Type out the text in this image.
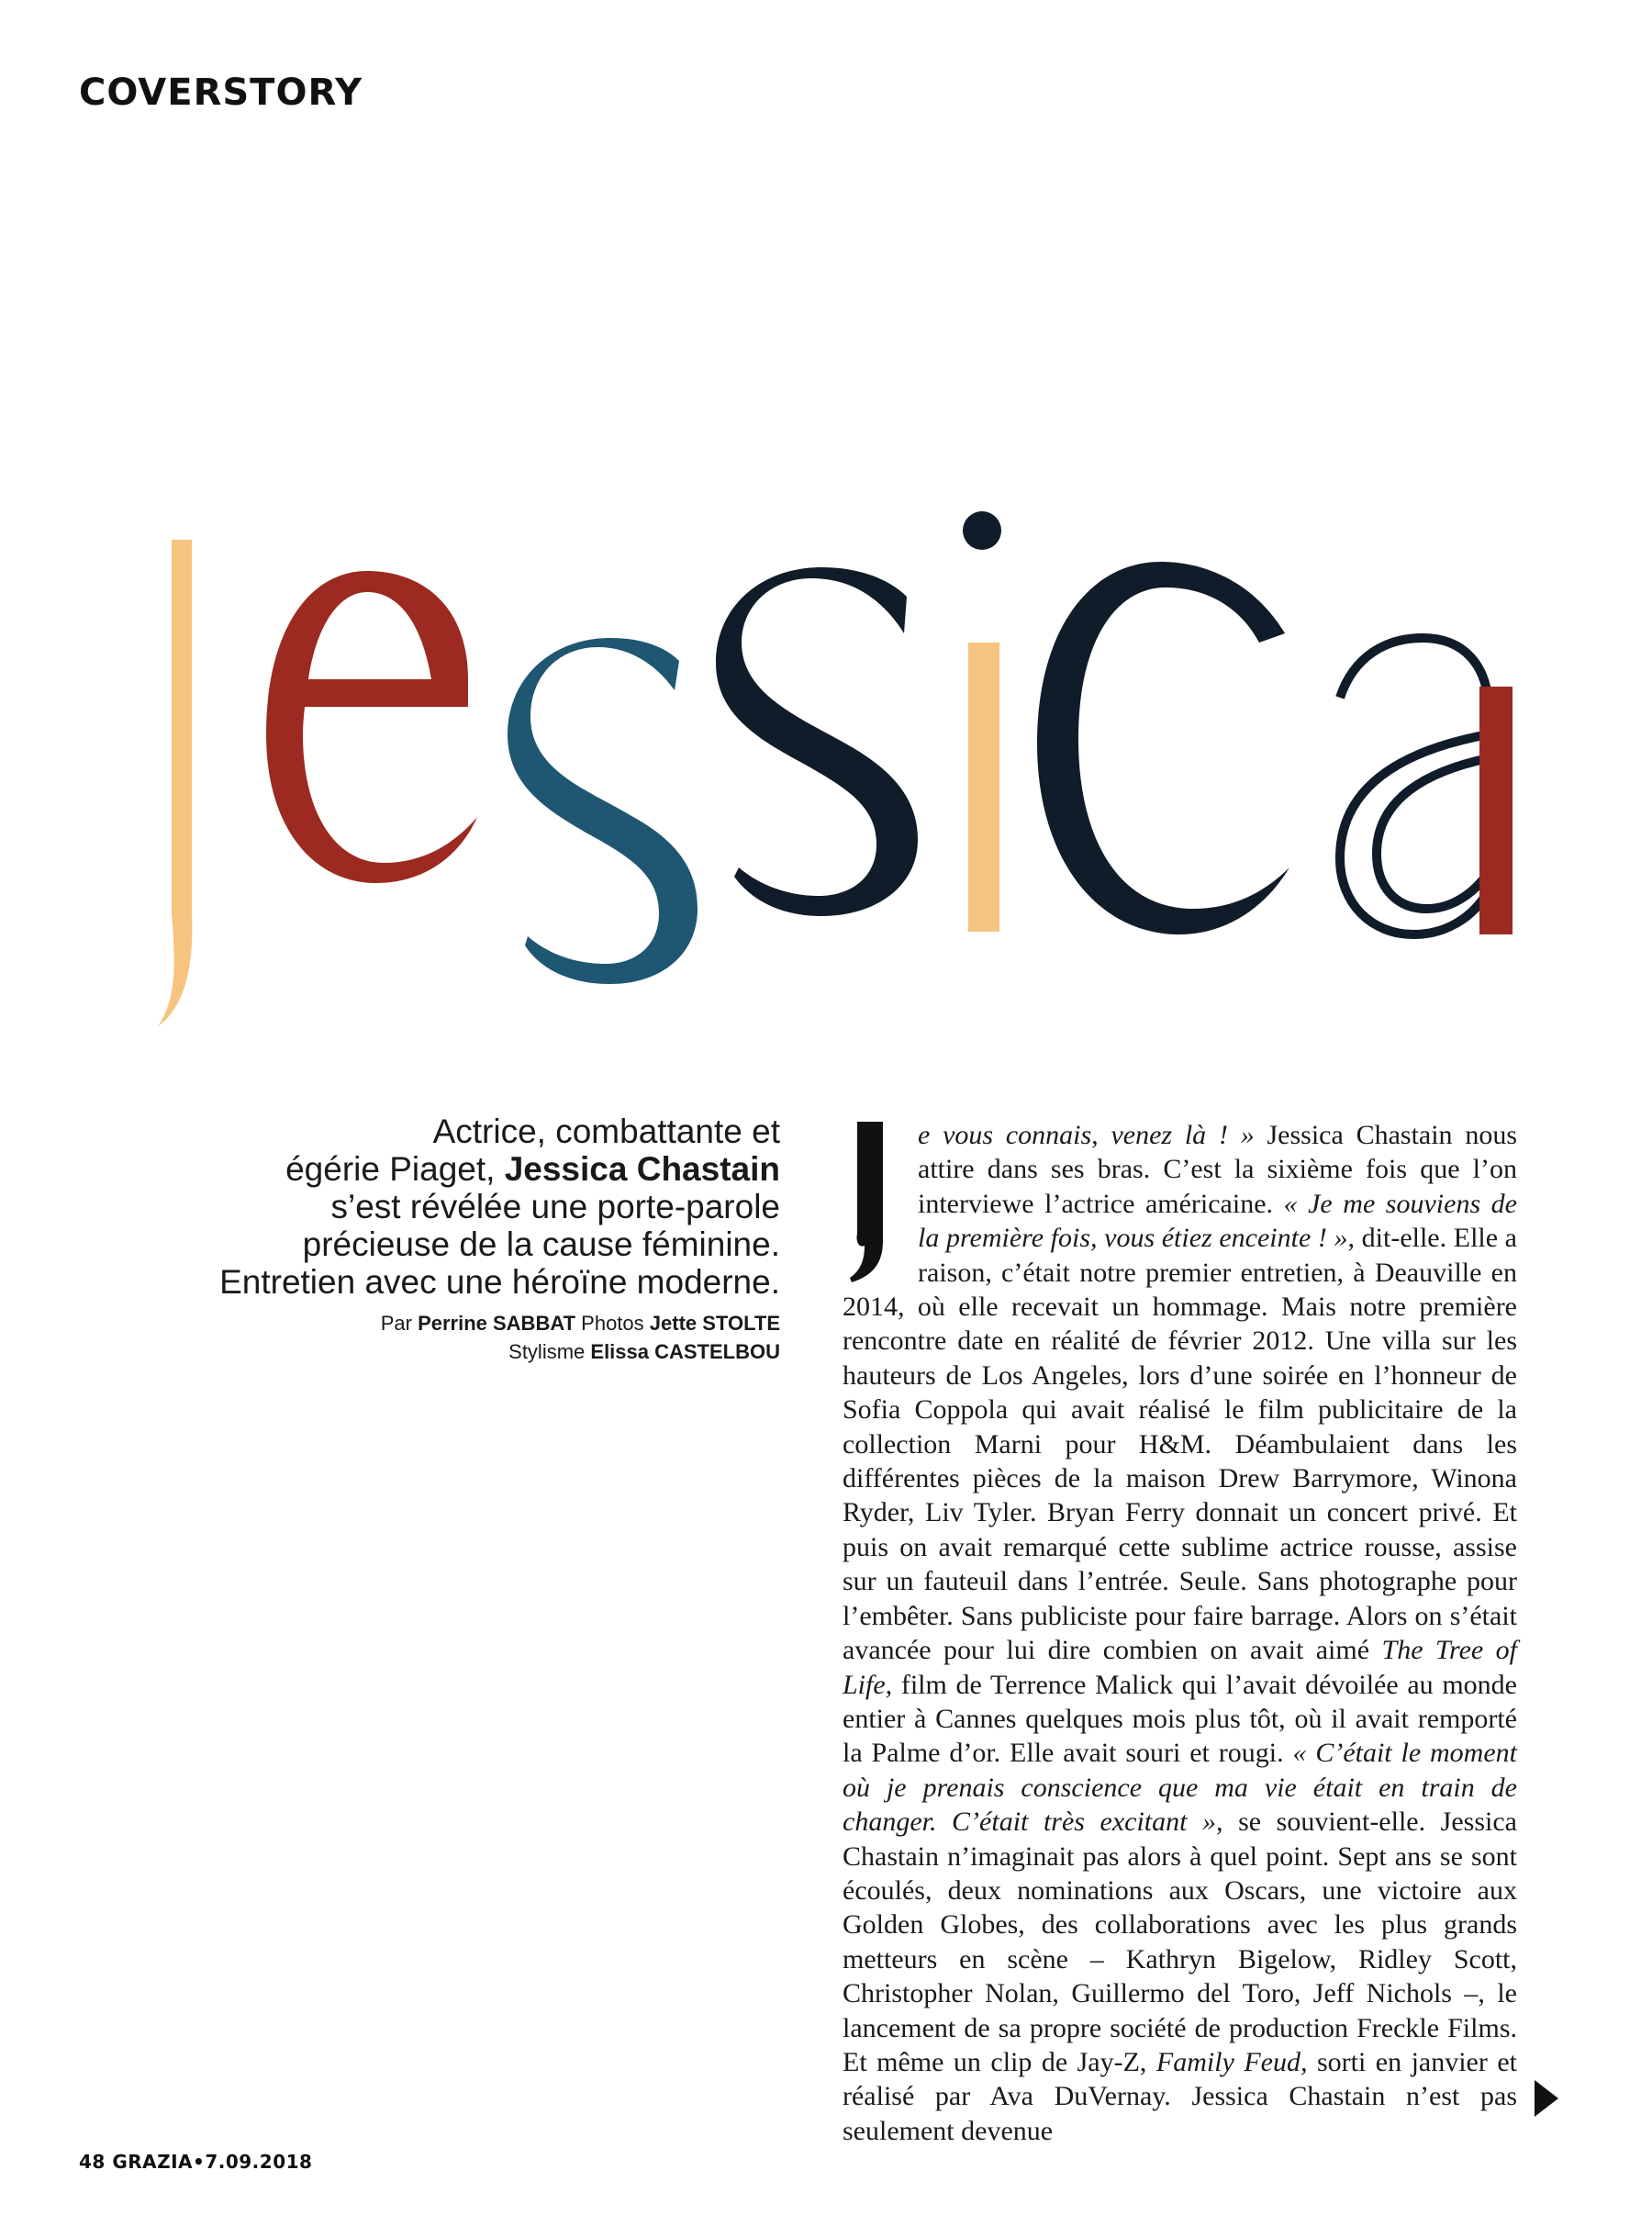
COVERSTORY
Actrice, combattante et
égérie Piaget, Jessica Chastain
s’est révélée une porte-parole
précieuse de la cause féminine.
Entretien avec une héroïne moderne.
Par Perrine SABBAT Photos Jette STOLTE
Stylisme Elissa CASTELBOU

e vous connais, venez là ! » Jessica Chastain nous attire dans ses bras. C’est la sixième fois que l’on interviewe l’actrice américaine. « Je me souviens de la première fois, vous étiez enceinte ! », dit-elle. Elle a raison, c’était notre premier entretien, à Deauville en 2014, où elle recevait un hommage. Mais notre première rencontre date en réalité de février 2012. Une villa sur les hauteurs de Los Angeles, lors d’une soirée en l’honneur de Sofia Coppola qui avait réalisé le film publicitaire de la collection Marni pour H&M. Déambulaient dans les différentes pièces de la maison Drew Barrymore, Winona Ryder, Liv Tyler. Bryan Ferry donnait un concert privé. Et puis on avait remarqué cette sublime actrice rousse, assise sur un fauteuil dans l’entrée. Seule. Sans photographe pour l’embêter. Sans publiciste pour faire barrage. Alors on s’était avancée pour lui dire combien on avait aimé The Tree of Life, film de Terrence Malick qui l’avait dévoilée au monde entier à Cannes quelques mois plus tôt, où il avait remporté la Palme d’or. Elle avait souri et rougi. « C’était le moment où je prenais conscience que ma vie était en train de changer. C’était très excitant », se souvient-elle. Jessica Chastain n’imaginait pas alors à quel point. Sept ans se sont écoulés, deux nominations aux Oscars, une victoire aux Golden Globes, des collaborations avec les plus grands metteurs en scène – Kathryn Bigelow, Ridley Scott, Christopher Nolan, Guillermo del Toro, Jeff Nichols –, le lancement de sa propre société de production Freckle Films. Et même un clip de Jay-Z, Family Feud, sorti en janvier et réalisé par Ava DuVernay. Jessica Chastain n’est pas seulement devenue

48 GRAZIA•7.09.2018
